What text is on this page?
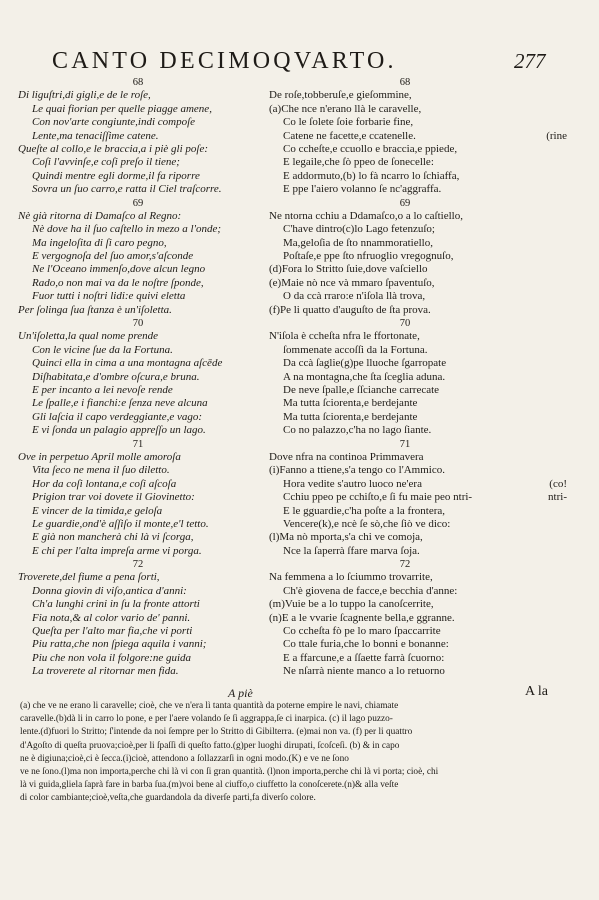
CANTO DECIMOQVARTO.	277
68
Di liguſtri,di gigli,e de le roſe,
Le quai fiorian per quelle piagge amene,
Con nov'arte congiunte,indi compoſe
Lente,ma tenaciſſime catene.
Queſte al collo,e le braccia,a i piè gli poſe:
Coſi l'avvinſe,e coſi preſo il tiene;
Quindi mentre egli dorme,il fa riporre
Sovra un ſuo carro,e ratta il Ciel traſcorre.
69
Nè già ritorna di Damaſco al Regno:
Nè dove ha il ſuo caſtello in mezo a l'onde;
Ma ingeloſita di ſi caro pegno,
E vergognoſa del ſuo amor,s'aſconde
Ne l'Oceano immenſo,dove alcun legno
Rado,o non mai va da le noſtre ſponde,
Fuor tutti i noſtri lidi:e quivi eletta
Per ſolinga ſua ſtanza è un'iſoletta.
70
Un'iſoletta,la qual nome prende
Con le vicine ſue da la Fortuna.
Quinci ella in cima a una montagna aſcēde
Diſhabitata,e d'ombre oſcura,e bruna.
E per incanto a lei nevoſe rende
Le ſpalle,e i fianchi:e ſenza neve alcuna
Gli laſcia il capo verdeggiante,e vago:
E vi ſonda un palagio appreſſo un lago.
71
Ove in perpetuo April molle amoroſa
Vita ſeco ne mena il ſuo diletto.
Hor da coſi lontana,e coſi aſcoſa
Prigion trar voi dovete il Giovinetto:
E vincer de la timida,e geloſa
Le guardie,ond'è aſſiſo il monte,e'l tetto.
E già non mancherà chi là vi ſcorga,
E chi per l'alta impreſa arme vi porga.
72
Troverete,del fiume a pena ſorti,
Donna giovin di viſo,antica d'anni:
Ch'a lunghi crini in ſu la fronte attorti
Fia nota,& al color vario de' panni.
Queſta per l'alto mar fia,che vi porti
Piu ratta,che non ſpiega aquila i vanni;
Piu che non vola il folgore:ne guida
La troverete al ritornar men fida.
68
De roſe,tobberuſe,e gieſommine,
(a)Che nce n'erano llà le caravelle,
Co le ſolete ſoie forbarie fine,
Catene ne facette,e ccatenelle.
Co ccheſte,e ccuollo e braccia,e ppiede,
E legaile,che ſò ppeo de ſonecelle:
E addormuto,(b) lo fà ncarro lo ſchiaffa,
E ppe l'aiero volanno ſe nc'aggraffa.
69
Ne ntorna cchiu a Ddamaſco,o a lo caſtiello,
C'have dintro(c)lo Lago fetenzuſo;
Ma,geloſia de ſto nnammoratiello,
Poſtaſe,e ppe ſto nfruoglio vregognuſo,
(d)Fora lo Stritto ſuie,dove vaſciello
(e)Maie nò nce và mmaro ſpaventuſo,
O da ccà rraro:e n'iſola llà trova,
(f)Pe li quatto d'auguſto de ſta prova.
70
N'iſola è ccheſta nfra le ffortonate,
ſommenate accoſſi da la Fortuna.
Da ccà ſaglie(g)pe lluoche ſgarropate
A na montagna,che ſta ſceglia aduna.
De neve ſpalle,e ſſcianche carrecate
Ma tutta ſciorenta,e berdejante
Ma tutta ſciorenta,e berdejante
Co no palazzo,c'ha no lago ſiante.
71
Dove nfra na continoa Primmavera
(i)Fanno a ttiene,s'a tengo co l'Ammico.
Hora vedite s'autro luoco ne'era
Cchiu ppeo pe cchiſto,e ſi fu maie peo ntri-
E le gguardie,c'ha poſte a la frontera,
Vencere(k),e ncè ſe sò,che ſiò ve dico:
(l)Ma nò mporta,s'a chi ve comoja,
Nce la ſaperrà ſfare marva ſoja.
72
Na femmena a lo ſciummo trovarrite,
Ch'è giovena de facce,e becchia d'anne:
(m)Vuie be a lo tuppo la canoſcerrite,
(n)E a le vvarie ſcagnente bella,e ggranne.
Co ccheſta fò pe lo maro ſpaccarrite
Co ttale furia,che lo bonni e bonanne:
E a ffarcune,e a ſſaette farrà ſcuorno:
Ne nſarrà niente manco a lo retuorno
(rine
(co!
ntri-
A piè	A la
(a) che ve ne erano li caravelle; cioè, che ve n'era lì tanta quantità da poterne empire le navi, chiamate
caravelle.(b)dà li in carro lo pone, e per l'aere volando ſe ſi aggrappa,ſe ci inarpica. (c) il lago puzzo-
lente.(d)fuori lo Stritto; ſ'intende da noi ſempre per lo Stritto di Gibilterra. (e)mai non va. (f) per li quattro
d'Agoſto di queſta pruova;cioè,per li ſpaſſi di queſto fatto.(g)per luoghi dirupati, ſcoſceſi. (b) & in capo
ne è digiuna;cioè,ci è ſecca.(i)cioè, attendono a ſollazzarſi in ogni modo.(K) e ve ne ſono
ve ne ſono.(l)ma non importa,perche chi là vi con ſi gran quantità. (l)non importa,perche chi là vi porta; cioè, chi
là vi guida,gliela ſaprà fare in barba ſua.(m)voi bene al ciuffo,o ciuffetto la conoſcerete.(n)& alla veſte
di color cambiante;cioè,veſta,che guardandola da diverſe parti,fa diverſo colore.
